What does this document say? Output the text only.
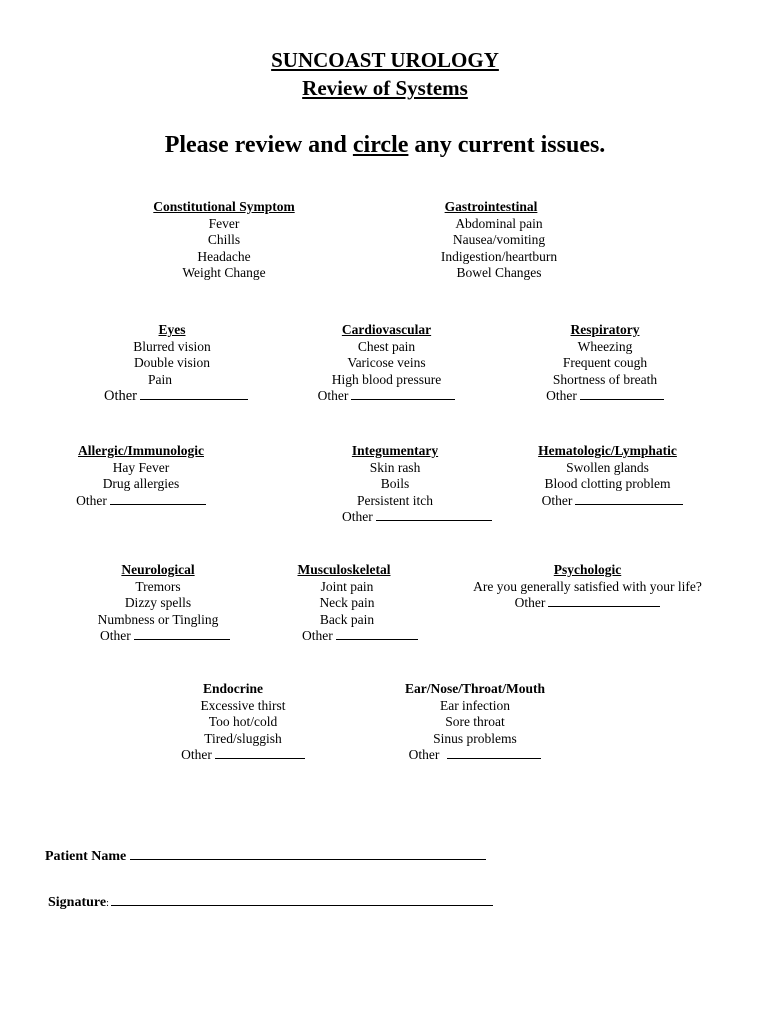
SUNCOAST UROLOGY
Review of Systems
Please review and circle any current issues.
Constitutional Symptom
Fever
Chills
Headache
Weight Change
Gastrointestinal
Abdominal pain
Nausea/vomiting
Indigestion/heartburn
Bowel Changes
Eyes
Blurred vision
Double vision
Pain
Other
Cardiovascular
Chest pain
Varicose veins
High blood pressure
Other
Respiratory
Wheezing
Frequent cough
Shortness of breath
Other
Allergic/Immunologic
Hay Fever
Drug allergies
Other
Integumentary
Skin rash
Boils
Persistent itch
Other
Hematologic/Lymphatic
Swollen glands
Blood clotting problem
Other
Neurological
Tremors
Dizzy spells
Numbness or Tingling
Other
Musculoskeletal
Joint pain
Neck pain
Back pain
Other
Psychologic
Are you generally satisfied with your life?
Other
Endocrine
Excessive thirst
Too hot/cold
Tired/sluggish
Other
Ear/Nose/Throat/Mouth
Ear infection
Sore throat
Sinus problems
Other
Patient Name
Signature:
